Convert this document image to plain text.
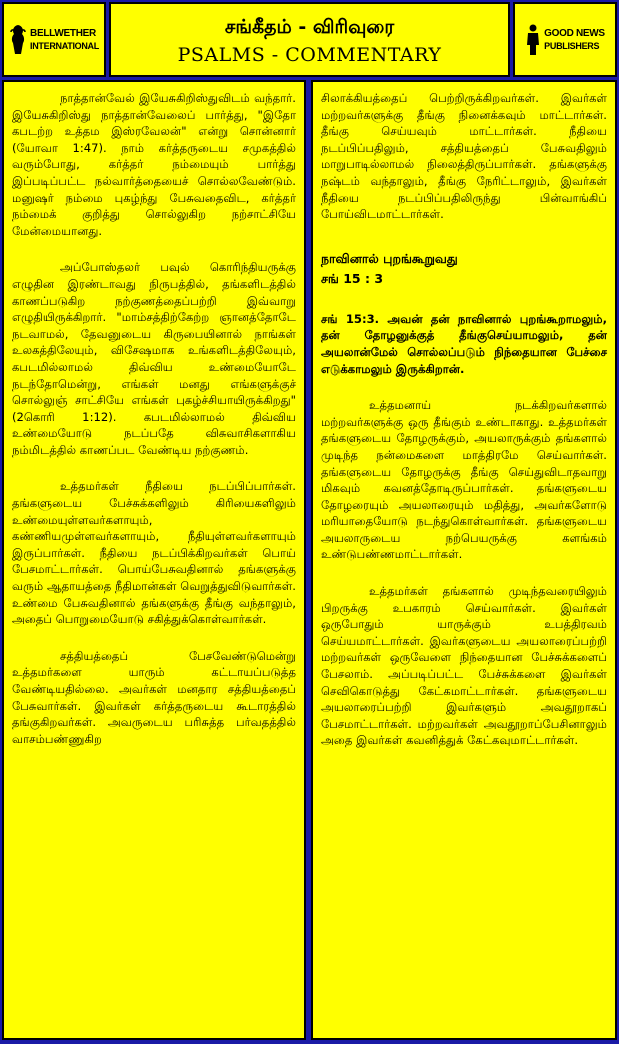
BELLWETHER
INTERNATIONAL
சங்கீதம் - விரிவுரை
PSALMS - COMMENTARY
GOOD NEWS
PUBLISHERS

நாத்தான்வேல் இயேசுகிறிஸ்துவிடம் வந்தார். இயேசுகிறிஸ்து நாத்தான்வேலைப் பார்த்து, "இதோ கபடற்ற உத்தம இஸ்ரவேலன்" என்று சொன்னார் (யோவா 1:47). நாம் கர்த்தருடைய சமுகத்தில் வரும்போது, கர்த்தர் நம்மையும் பார்த்து இப்படிப்பட்ட நல்வார்த்தையைச் சொல்லவேண்டும். மனுஷர் நம்மை புகழ்ந்து பேசுவதைவிட, கர்த்தர் நம்மைக் குறித்து சொல்லுகிற நற்சாட்சியே மேன்மையானது.

அப்போஸ்தலர் பவுல் கொரிந்தியருக்கு எழுதின இரண்டாவது நிருபத்தில், தங்களிடத்தில் காணப்படுகிற நற்குணத்தைப்பற்றி இவ்வாறு எழுதியிருக்கிறார். "மாம்சத்திற்கேற்ற ஞானத்தோடே நடவாமல், தேவனுடைய கிருபையினால் நாங்கள் உலகத்திலேயும், விசேஷமாக உங்களிடத்திலேயும், கபடமில்லாமல் திவ்விய உண்மையோடே நடந்தோமென்று, எங்கள் மனது எங்களுக்குச் சொல்லுஞ் சாட்சியே எங்கள் புகழ்ச்சியாயிருக்கிறது" (2கொரி 1:12). கபடமில்லாமல் திவ்விய உண்மையோடு நடப்பதே விசுவாசிகளாகிய நம்மிடத்தில் காணப்பட வேண்டிய நற்குணம்.

உத்தமர்கள் நீதியை நடப்பிப்பார்கள். தங்களுடைய பேச்சுக்களிலும் கிரியைகளிலும் உண்மையுள்ளவர்களாயும், கண்ணியமுள்ளவர்களாயும், நீதியுள்ளவர்களாயும் இருப்பார்கள். நீதியை நடப்பிக்கிறவர்கள் பொய் பேசமாட்டார்கள். பொய்பேசுவதினால் தங்களுக்கு வரும் ஆதாயத்தை நீதிமான்கள் வெறுத்துவிடுவார்கள். உண்மை பேசுவதினால் தங்களுக்கு தீங்கு வந்தாலும், அதைப் பொறுமையோடு சகித்துக்கொள்வார்கள்.

சத்தியத்தைப் பேசவேண்டுமென்று உத்தமர்களை யாரும் கட்டாயப்படுத்த வேண்டியதில்லை. அவர்கள் மனதார சத்தியத்தைப் பேசுவார்கள். இவர்கள் கர்த்தருடைய கூடாரத்தில் தங்குகிறவர்கள். அவருடைய பரிசுத்த பர்வதத்தில் வாசம்பண்ணுகிற

சிலாக்கியத்தைப் பெற்றிருக்கிறவர்கள். இவர்கள் மற்றவர்களுக்கு தீங்கு நினைக்கவும் மாட்டார்கள். தீங்கு செய்யவும் மாட்டார்கள். நீதியை நடப்பிப்பதிலும், சத்தியத்தைப் பேசுவதிலும் மாறுபாடில்லாமல் நிலைத்திருப்பார்கள். தங்களுக்கு நஷ்டம் வந்தாலும், தீங்கு நேரிட்டாலும், இவர்கள் நீதியை நடப்பிப்பதிலிருந்து பின்வாங்கிப் போய்விடமாட்டார்கள்.

நாவினால் புறங்கூறுவது
சங் 15 : 3

சங் 15:3. அவன் தன் நாவினால் புறங்கூறாமலும், தன் தோழனுக்குத் தீங்குசெய்யாமலும், தன் அயலான்மேல் சொல்லப்படும் நிந்தையான பேச்சை எடுக்காமலும் இருக்கிறான்.

உத்தமனாய் நடக்கிறவர்களால் மற்றவர்களுக்கு ஒரு தீங்கும் உண்டாகாது. உத்தமர்கள் தங்களுடைய தோழருக்கும், அயலாருக்கும் தங்களால் முடிந்த நன்மைகளை மாத்திரமே செய்வார்கள். தங்களுடைய தோழருக்கு தீங்கு செய்துவிடாதவாறு மிகவும் கவனத்தோடிருப்பார்கள். தங்களுடைய தோழரையும் அயலாரையும் மதித்து, அவர்களோடு மரியாதையோடு நடந்துகொள்வார்கள். தங்களுடைய அயலாருடைய நற்பெயருக்கு களங்கம் உண்டுபண்ணமாட்டார்கள்.

உத்தமர்கள் தங்களால் முடிந்தவரையிலும் பிறருக்கு உபகாரம் செய்வார்கள். இவர்கள் ஒருபோதும் யாருக்கும் உபத்திரவம் செய்யமாட்டார்கள். இவர்களுடைய அயலாரைப்பற்றி மற்றவர்கள் ஒருவேளை நிந்தையான பேச்சுக்களைப் பேசலாம். அப்படிப்பட்ட பேச்சுக்களை இவர்கள் செவிகொடுத்து கேட்கமாட்டார்கள். தங்களுடைய அயலாரைப்பற்றி இவர்களும் அவதூறாகப் பேசமாட்டார்கள். மற்றவர்கள் அவதூறாப்பேசினாலும் அதை இவர்கள் கவனித்துக் கேட்கவுமாட்டார்கள்.
